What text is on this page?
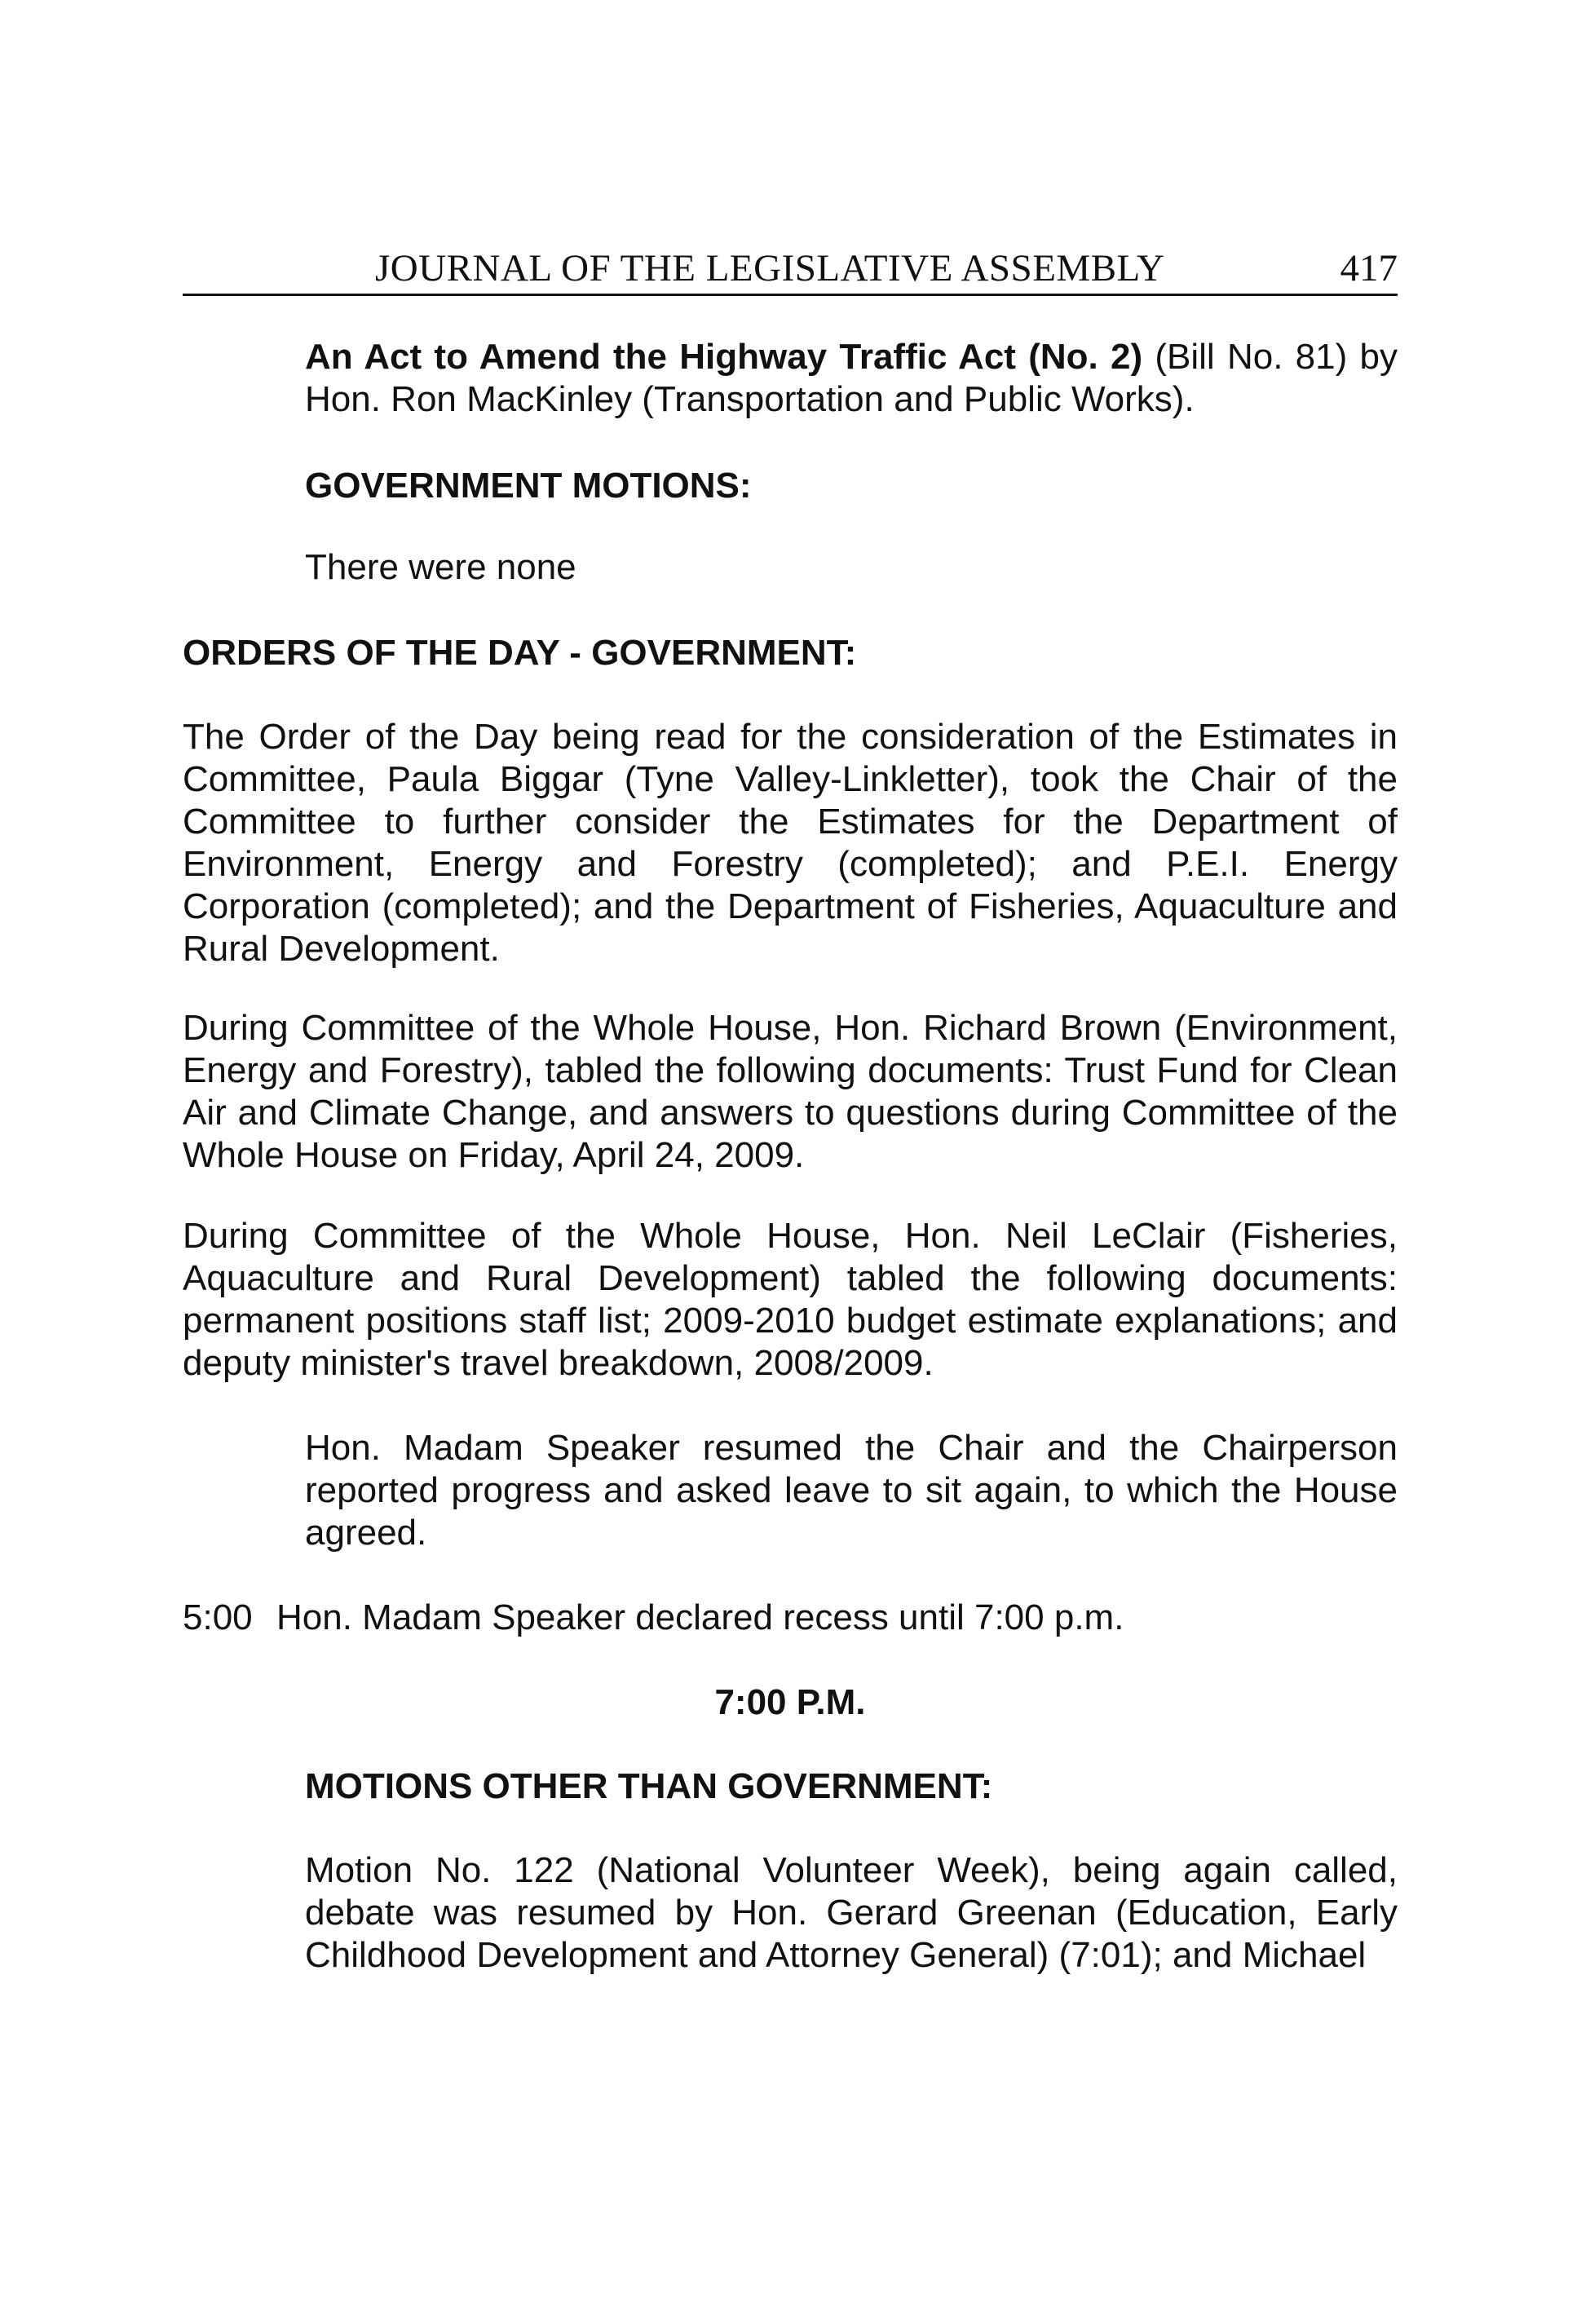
JOURNAL OF THE LEGISLATIVE ASSEMBLY	417

An Act to Amend the Highway Traffic Act (No. 2) (Bill No. 81) by Hon. Ron MacKinley (Transportation and Public Works).

GOVERNMENT MOTIONS:

There were none

ORDERS OF THE DAY - GOVERNMENT:

The Order of the Day being read for the consideration of the Estimates in Committee, Paula Biggar (Tyne Valley-Linkletter), took the Chair of the Committee to further consider the Estimates for the Department of Environment, Energy and Forestry (completed); and P.E.I. Energy Corporation (completed); and the Department of Fisheries, Aquaculture and Rural Development.

During Committee of the Whole House, Hon. Richard Brown (Environment, Energy and Forestry), tabled the following documents: Trust Fund for Clean Air and Climate Change, and answers to questions during Committee of the Whole House on Friday, April 24, 2009.

During Committee of the Whole House, Hon. Neil LeClair (Fisheries, Aquaculture and Rural Development) tabled the following documents: permanent positions staff list; 2009-2010 budget estimate explanations; and deputy minister's travel breakdown, 2008/2009.

Hon. Madam Speaker resumed the Chair and the Chairperson reported progress and asked leave to sit again, to which the House agreed.

5:00 Hon. Madam Speaker declared recess until 7:00 p.m.

7:00 P.M.

MOTIONS OTHER THAN GOVERNMENT:

Motion No. 122 (National Volunteer Week), being again called, debate was resumed by Hon. Gerard Greenan (Education, Early Childhood Development and Attorney General) (7:01); and Michael
